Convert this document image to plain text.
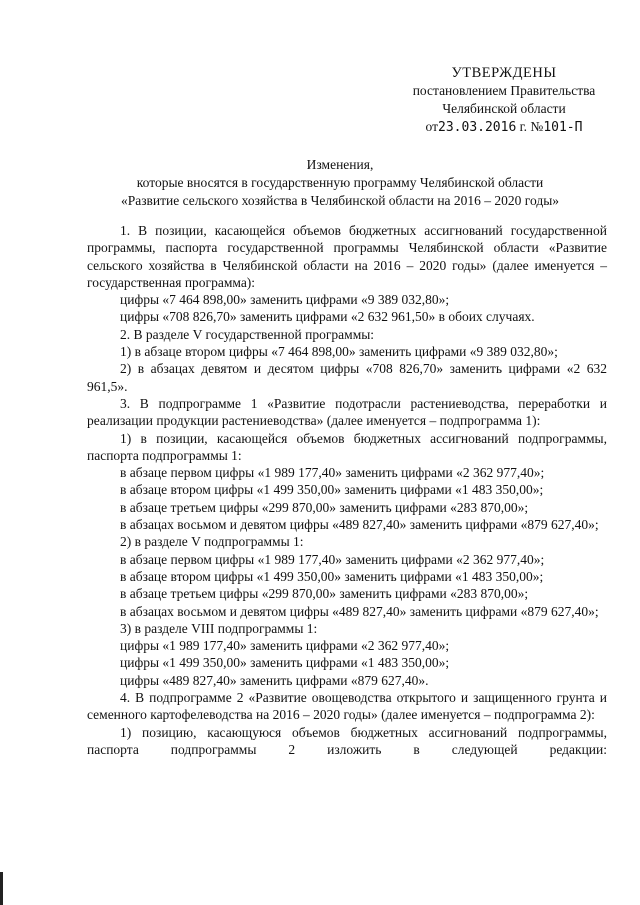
УТВЕРЖДЕНЫ
постановлением Правительства
Челябинской области
от23.03.2016 г. №101-П
Изменения,
которые вносятся в государственную программу Челябинской области
«Развитие сельского хозяйства в Челябинской области на 2016 – 2020 годы»

1. В позиции, касающейся объемов бюджетных ассигнований государственной программы, паспорта государственной программы Челябинской области «Развитие сельского хозяйства в Челябинской области на 2016 – 2020 годы» (далее именуется – государственная программа):

цифры «7 464 898,00» заменить цифрами «9 389 032,80»;

цифры «708 826,70» заменить цифрами «2 632 961,50» в обоих случаях.

2. В разделе V государственной программы:

1) в абзаце втором цифры «7 464 898,00» заменить цифрами «9 389 032,80»;

2) в абзацах девятом и десятом цифры «708 826,70» заменить цифрами «2 632 961,5».

3. В подпрограмме 1 «Развитие подотрасли растениеводства, переработки и реализации продукции растениеводства» (далее именуется – подпрограмма 1):

1) в позиции, касающейся объемов бюджетных ассигнований подпрограммы, паспорта подпрограммы 1:

в абзаце первом цифры «1 989 177,40» заменить цифрами «2 362 977,40»;

в абзаце втором цифры «1 499 350,00» заменить цифрами «1 483 350,00»;

в абзаце третьем цифры «299 870,00» заменить цифрами «283 870,00»;

в абзацах восьмом и девятом цифры «489 827,40» заменить цифрами «879 627,40»;

2) в разделе V подпрограммы 1:

в абзаце первом цифры «1 989 177,40» заменить цифрами «2 362 977,40»;

в абзаце втором цифры «1 499 350,00» заменить цифрами «1 483 350,00»;

в абзаце третьем цифры «299 870,00» заменить цифрами «283 870,00»;

в абзацах восьмом и девятом цифры «489 827,40» заменить цифрами «879 627,40»;

3) в разделе VIII подпрограммы 1:

цифры «1 989 177,40» заменить цифрами «2 362 977,40»;

цифры «1 499 350,00» заменить цифрами «1 483 350,00»;

цифры «489 827,40» заменить цифрами «879 627,40».

4. В подпрограмме 2 «Развитие овощеводства открытого и защищенного грунта и семенного картофелеводства на 2016 – 2020 годы» (далее именуется – подпрограмма 2):

1) позицию, касающуюся объемов бюджетных ассигнований подпрограммы, паспорта подпрограммы 2 изложить в следующей редакции:
